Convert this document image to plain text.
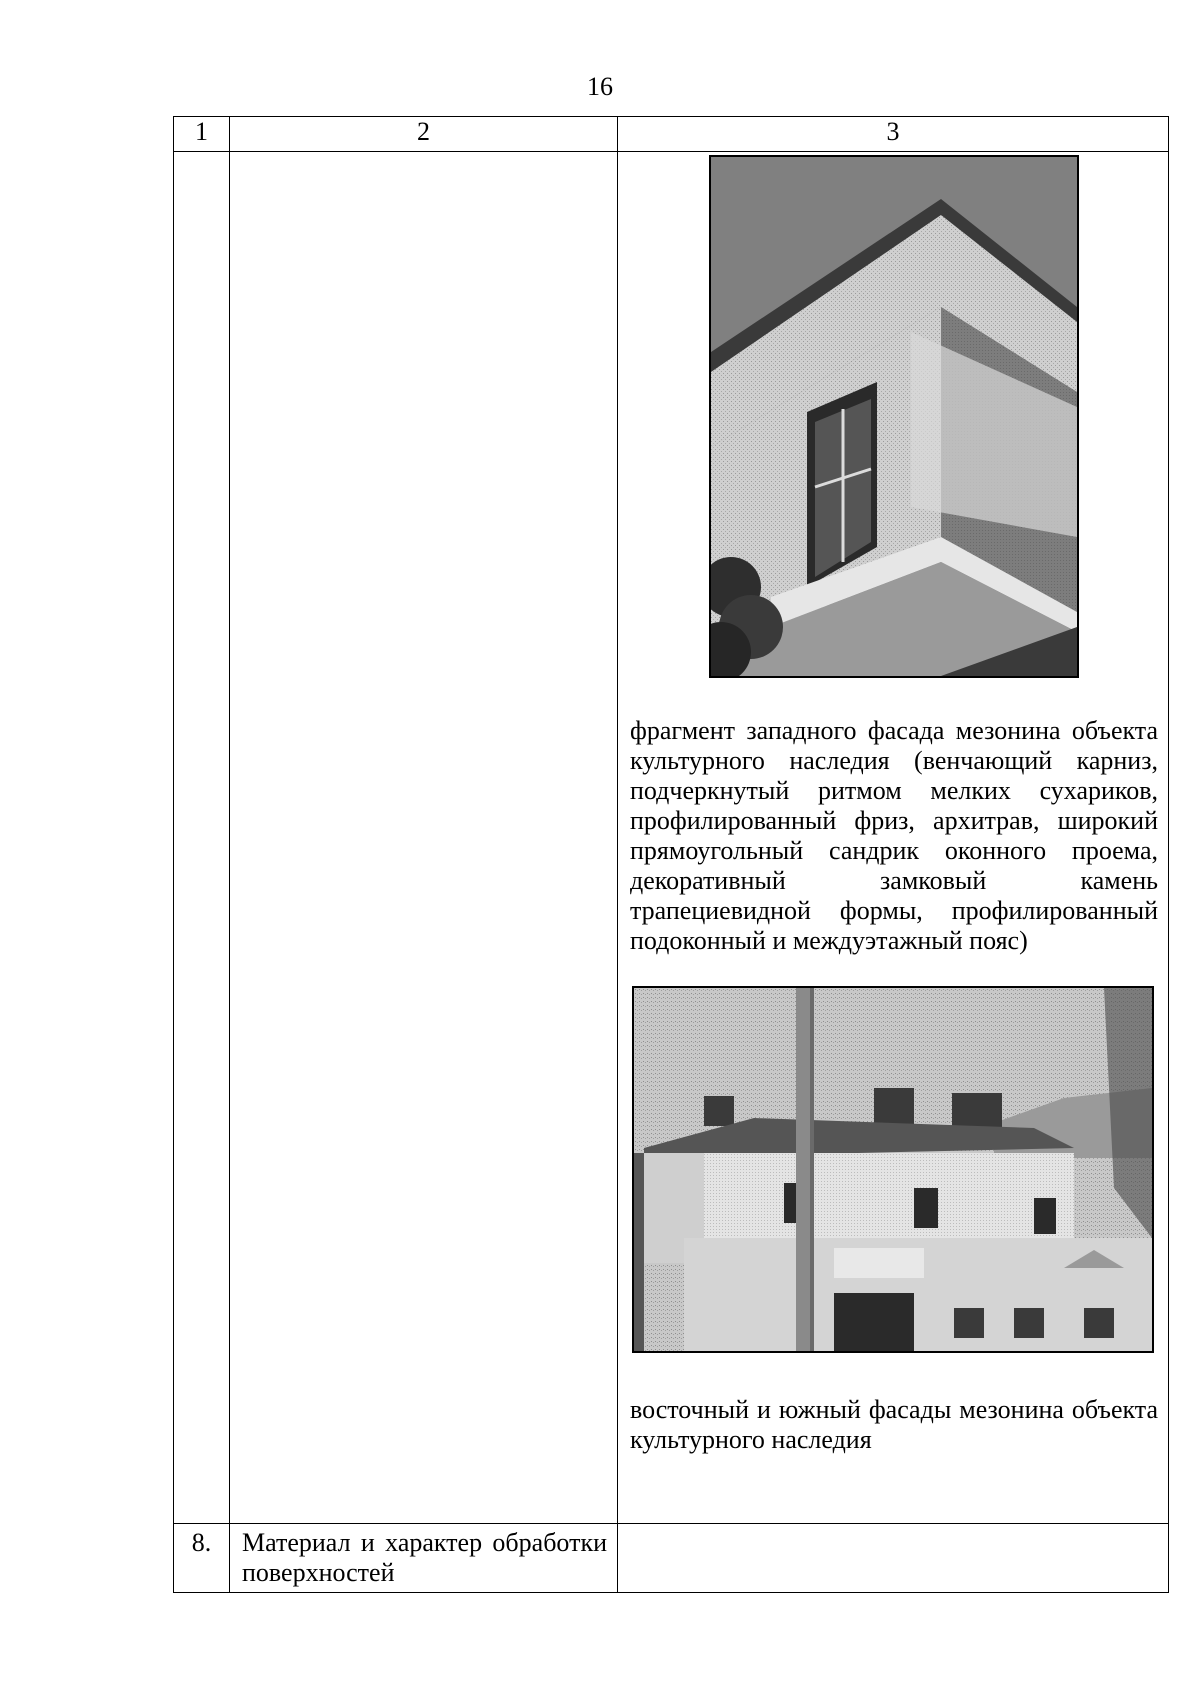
16
1	2	3

		фрагмент западного фасада мезонина объекта культурного наследия (венчающий карниз, подчеркнутый ритмом мелких сухариков, профилированный фриз, архитрав, широкий прямоугольный сандрик оконного проема, декоративный замковый камень трапециевидной формы, профилированный подоконный и междуэтажный пояс)
восточный и южный фасады мезонина объекта культурного наследия

8.	Материал и характер обработки поверхностей	
